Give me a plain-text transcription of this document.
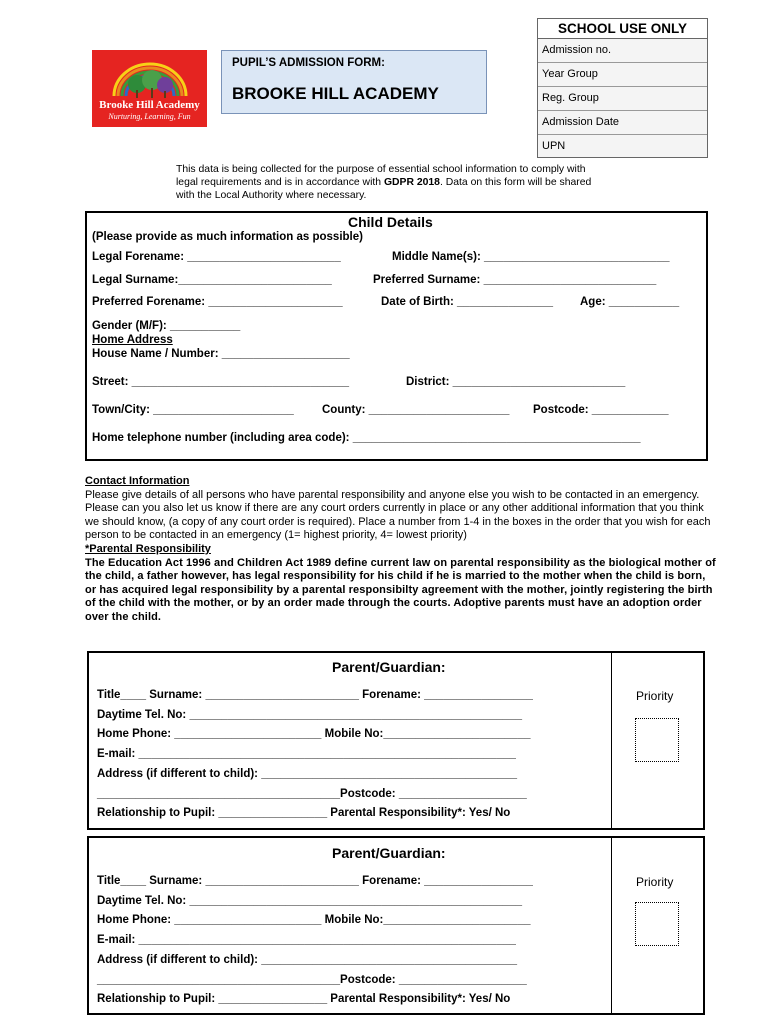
Brooke Hill Academy
Nurturing, Learning, Fun
PUPIL’S ADMISSION FORM:
BROOKE HILL ACADEMY
SCHOOL USE ONLY
Admission no.
Year Group
Reg. Group
Admission Date
UPN
This data is being collected for the purpose of essential school information to comply with legal requirements and is in accordance with GDPR 2018. Data on this form will be shared with the Local Authority where necessary.
Child Details
(Please provide as much information as possible)
Legal Forename: ________________________	Middle Name(s): _____________________________
Legal Surname:________________________	Preferred Surname: ___________________________
Preferred Forename: _____________________	Date of Birth: _______________ Age: ___________
Gender (M/F): ___________
Home Address
House Name / Number: ____________________
Street: __________________________________	District: ___________________________
Town/City: ______________________ County: ______________________ Postcode: ____________
Home telephone number (including area code): _____________________________________________
Contact Information
Please give details of all persons who have parental responsibility and anyone else you wish to be contacted in an emergency. Please can you also let us know if there are any court orders currently in place or any other additional information that you think we should know, (a copy of any court order is required). Place a number from 1-4 in the boxes in the order that you wish for each person to be contacted in an emergency (1= highest priority, 4= lowest priority)
*Parental Responsibility
The Education Act 1996 and Children Act 1989 define current law on parental responsibility as the biological mother of the child, a father however, has legal responsibility for his child if he is married to the mother when the child is born, or has acquired legal responsibility by a parental responsibilty agreement with the mother, jointly registering the birth of the child with the mother, or by an order made through the courts. Adoptive parents must have an adoption order over the child.
Parent/Guardian:
Title____ Surname: ________________________ Forename: _________________
Daytime Tel. No: ____________________________________________________
Home Phone: _______________________ Mobile No:_______________________
E-mail: ___________________________________________________________
Address (if different to child): ________________________________________
______________________________________Postcode: ____________________
Relationship to Pupil: _________________ Parental Responsibility*: Yes/ No
Priority
Parent/Guardian:
Title____ Surname: ________________________ Forename: _________________
Daytime Tel. No: ____________________________________________________
Home Phone: _______________________ Mobile No:_______________________
E-mail: ___________________________________________________________
Address (if different to child): ________________________________________
______________________________________Postcode: ____________________
Relationship to Pupil: _________________ Parental Responsibility*: Yes/ No
Priority
